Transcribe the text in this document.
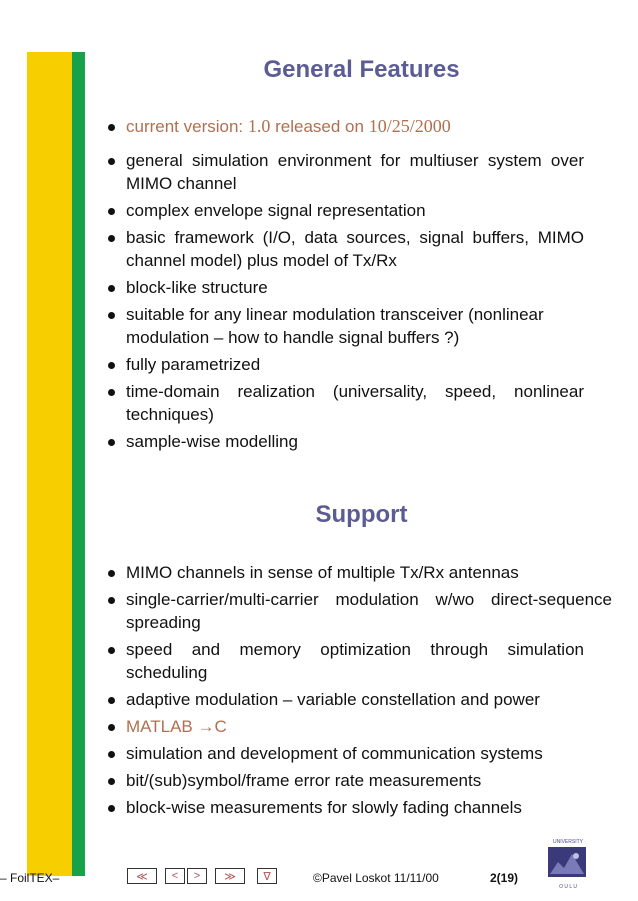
General Features
current version: 1.0 released on 10/25/2000
general simulation environment for multiuser system over MIMO channel
complex envelope signal representation
basic framework (I/O, data sources, signal buffers, MIMO channel model) plus model of Tx/Rx
block-like structure
suitable for any linear modulation transceiver (nonlinear modulation – how to handle signal buffers ?)
fully parametrized
time-domain realization (universality, speed, nonlinear techniques)
sample-wise modelling
Support
MIMO channels in sense of multiple Tx/Rx antennas
single-carrier/multi-carrier modulation w/wo direct-sequence spreading
speed and memory optimization through simulation scheduling
adaptive modulation – variable constellation and power
MATLAB →C
simulation and development of communication systems
bit/(sub)symbol/frame error rate measurements
block-wise measurements for slowly fading channels
UNIVERSITY
O U L U
– FoilTEX–	≪	<	>	≫	∇	©Pavel Loskot 11/11/00	2(19)
